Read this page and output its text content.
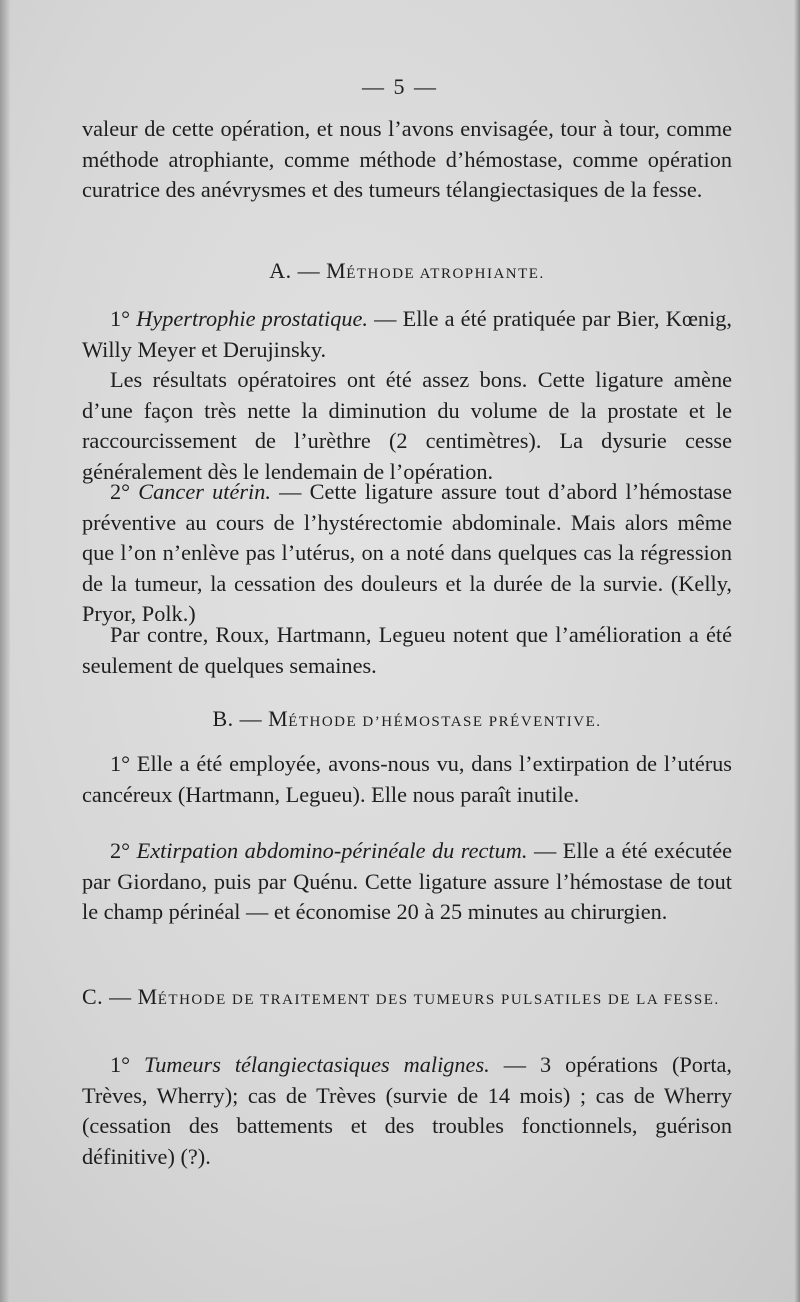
— 5 —

valeur de cette opération, et nous l’avons envisagée, tour à tour, comme méthode atrophiante, comme méthode d’hémostase, comme opération curatrice des anévrysmes et des tumeurs télangiectasiques de la fesse.

A. — MÉTHODE ATROPHIANTE.

1° Hypertrophie prostatique. — Elle a été pratiquée par Bier, Kœnig, Willy Meyer et Derujinsky.

Les résultats opératoires ont été assez bons. Cette ligature amène d’une façon très nette la diminution du volume de la prostate et le raccourcissement de l’urèthre (2 centimètres). La dysurie cesse généralement dès le lendemain de l’opération.

2° Cancer utérin. — Cette ligature assure tout d’abord l’hémostase préventive au cours de l’hystérectomie abdominale. Mais alors même que l’on n’enlève pas l’utérus, on a noté dans quelques cas la régression de la tumeur, la cessation des douleurs et la durée de la survie. (Kelly, Pryor, Polk.)

Par contre, Roux, Hartmann, Legueu notent que l’amélioration a été seulement de quelques semaines.

B. — MÉTHODE D’HÉMOSTASE PRÉVENTIVE.

1° Elle a été employée, avons-nous vu, dans l’extirpation de l’utérus cancéreux (Hartmann, Legueu). Elle nous paraît inutile.

2° Extirpation abdomino-périnéale du rectum. — Elle a été exécutée par Giordano, puis par Quénu. Cette ligature assure l’hémostase de tout le champ périnéal — et économise 20 à 25 minutes au chirurgien.

C. — MÉTHODE DE TRAITEMENT DES TUMEURS PULSATILES DE LA FESSE.

1° Tumeurs télangiectasiques malignes. — 3 opérations (Porta, Trèves, Wherry); cas de Trèves (survie de 14 mois) ; cas de Wherry (cessation des battements et des troubles fonctionnels, guérison définitive) (?).
